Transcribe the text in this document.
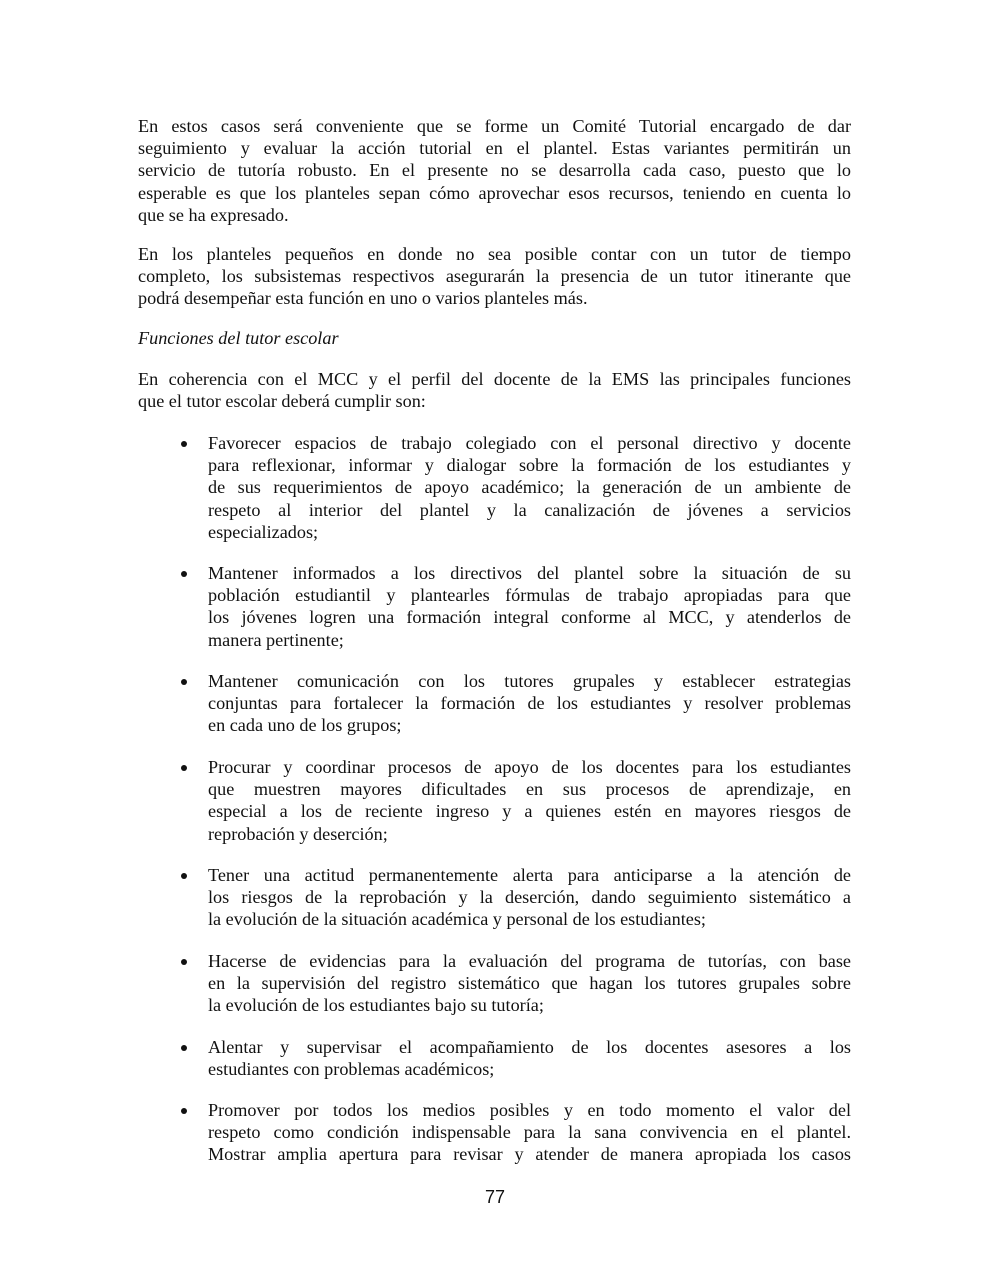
En estos casos será conveniente que se forme un Comité Tutorial encargado de dar
seguimiento y evaluar la acción tutorial en el plantel. Estas variantes permitirán un
servicio de tutoría robusto. En el presente no se desarrolla cada caso, puesto que lo
esperable es que los planteles sepan cómo aprovechar esos recursos, teniendo en cuenta lo
que se ha expresado.

En los planteles pequeños en donde no sea posible contar con un tutor de tiempo
completo, los subsistemas respectivos asegurarán la presencia de un tutor itinerante que
podrá desempeñar esta función en uno o varios planteles más.

Funciones del tutor escolar

En coherencia con el MCC y el perfil del docente de la EMS las principales funciones
que el tutor escolar deberá cumplir son:

Favorecer espacios de trabajo colegiado con el personal directivo y docente
para reflexionar, informar y dialogar sobre la formación de los estudiantes y
de sus requerimientos de apoyo académico; la generación de un ambiente de
respeto al interior del plantel y la canalización de jóvenes a servicios
especializados;
Mantener informados a los directivos del plantel sobre la situación de su
población estudiantil y plantearles fórmulas de trabajo apropiadas para que
los jóvenes logren una formación integral conforme al MCC, y atenderlos de
manera pertinente;
Mantener comunicación con los tutores grupales y establecer estrategias
conjuntas para fortalecer la formación de los estudiantes y resolver problemas
en cada uno de los grupos;
Procurar y coordinar procesos de apoyo de los docentes para los estudiantes
que muestren mayores dificultades en sus procesos de aprendizaje, en
especial a los de reciente ingreso y a quienes estén en mayores riesgos de
reprobación y deserción;
Tener una actitud permanentemente alerta para anticiparse a la atención de
los riesgos de la reprobación y la deserción, dando seguimiento sistemático a
la evolución de la situación académica y personal de los estudiantes;
Hacerse de evidencias para la evaluación del programa de tutorías, con base
en la supervisión del registro sistemático que hagan los tutores grupales sobre
la evolución de los estudiantes bajo su tutoría;
Alentar y supervisar el acompañamiento de los docentes asesores a los
estudiantes con problemas académicos;
Promover por todos los medios posibles y en todo momento el valor del
respeto como condición indispensable para la sana convivencia en el plantel.
Mostrar amplia apertura para revisar y atender de manera apropiada los casos
77
